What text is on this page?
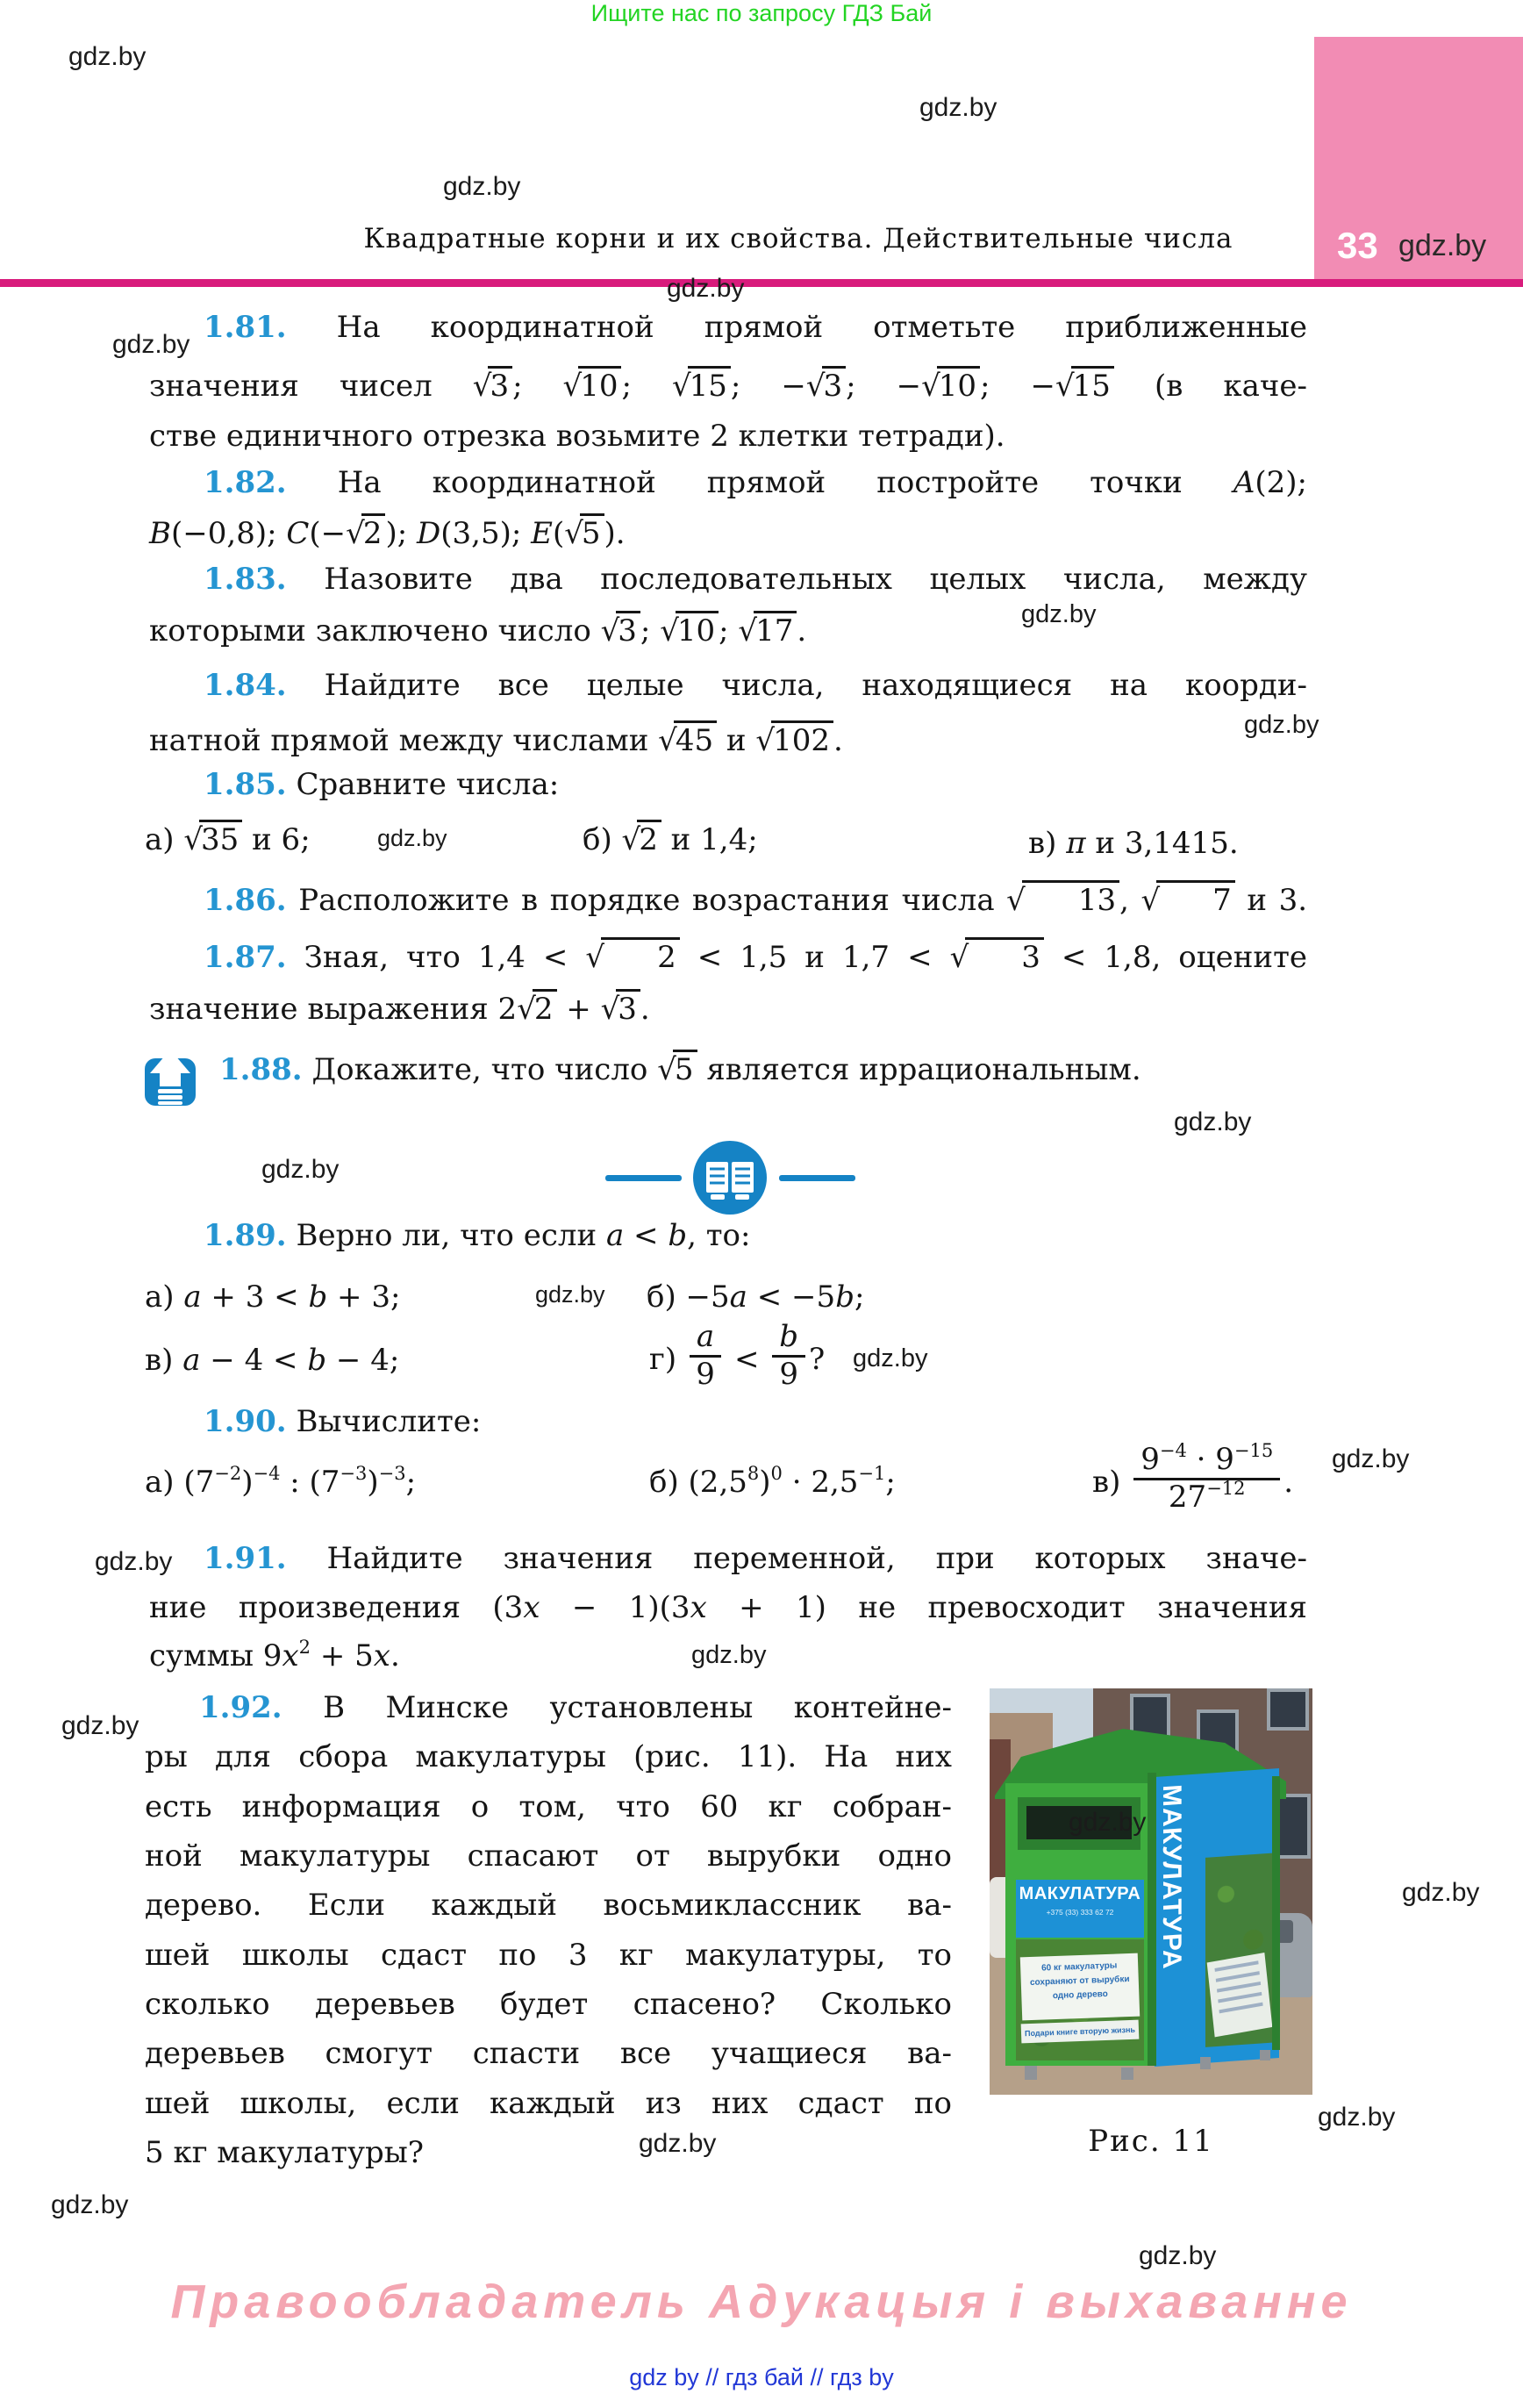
Ищите нас по запросу ГДЗ Бай
Квадратные корни и их свойства. Действительные числа	33 gdz.by
1.81. На координатной прямой отметьте приближенные
значения чисел √3 ; √10 ; √15 ; −√3 ; −√10 ; −√15 (в каче-
стве единичного отрезка возьмите 2 клетки тетради).
1.82. На координатной прямой постройте точки A(2);
B(−0,8); C(−√2 ); D(3,5); E(√5 ).
1.83. Назовите два последовательных целых числа, между
которыми заключено число √3 ; √10 ; √17 .
1.84. Найдите все целые числа, находящиеся на коорди-
натной прямой между числами √45 и √102 .
1.85. Сравните числа:
а) √35 и 6;	б) √2 и 1,4;	в) π и 3,1415.
1.86. Расположите в порядке возрастания числа √ 13 , √ 7 и 3.
1.87. Зная, что 1,4 < √ 2 < 1,5 и 1,7 < √ 3 < 1,8, оцените
значение выражения 2√2 + √3 .
1.88. Докажите, что число √5 является иррациональным.
1.89. Верно ли, что если a < b, то:
а) a + 3 < b + 3;	б) −5a < −5b;
в) a − 4 < b − 4;	$г) \frac{a}{9} < \frac{b}{9}$ ?
1.90. Вычислите:
а) $(7^{-2})^{-4}$ : $(7^{-3})^{-3}$;	б) $(2,5^8)^0 \cdot 2,5^{-1}$;	$в) \frac{9^{-4} \cdot 9^{-15}}{27^{-12}}$ .
1.91. Найдите значения переменной, при которых значе-
ние произведения (3x − 1)(3x + 1) не превосходит значения
суммы $9x^2 + 5x$.
1.92. В Минске установлены контейне-
ры для сбора макулатуры (рис. 11). На них
есть информация о том, что 60 кг собран-
ной макулатуры спасают от вырубки одно
дерево. Если каждый восьмиклассник ва-
шей школы сдаст по 3 кг макулатуры, то
сколько деревьев будет спасено? Сколько
деревьев смогут спасти все учащиеся ва-
шей школы, если каждый из них сдаст по
5 кг макулатуры?
МАКУЛАТУРА
+375 (33) 333 62 72
60 кг макулатуры
сохраняют от вырубки
одно дерево
Подари книге вторую жизнь
МАКУЛАТУРА
Рис. 11
Правообладатель Адукацыя і выхаванне
gdz by // гдз бай // гдз by
gdz.by
gdz.by
gdz.by
gdz.by
gdz.by
gdz.by
gdz.by
gdz.by
gdz.by
gdz.by
gdz.by
gdz.by
gdz.by
gdz.by
gdz.by
gdz.by
gdz.by
gdz.by
gdz.by
gdz.by
gdz.by
gdz.by
